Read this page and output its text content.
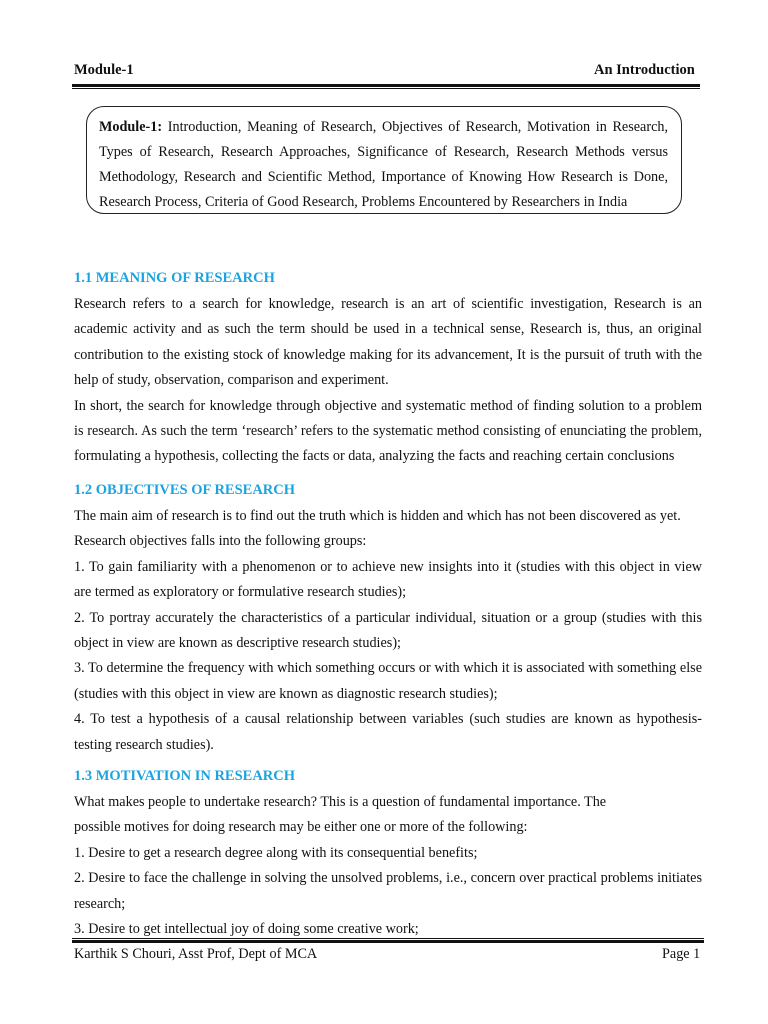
Module-1	An Introduction

Module-1: Introduction, Meaning of Research, Objectives of Research, Motivation in Research, Types of Research, Research Approaches, Significance of Research, Research Methods versus Methodology, Research and Scientific Method, Importance of Knowing How Research is Done, Research Process, Criteria of Good Research, Problems Encountered by Researchers in India

1.1 MEANING OF RESEARCH

Research refers to a search for knowledge, research is an art of scientific investigation, Research is an academic activity and as such the term should be used in a technical sense, Research is, thus, an original contribution to the existing stock of knowledge making for its advancement, It is the pursuit of truth with the help of study, observation, comparison and experiment.

In short, the search for knowledge through objective and systematic method of finding solution to a problem is research. As such the term ‘research’ refers to the systematic method consisting of enunciating the problem, formulating a hypothesis, collecting the facts or data, analyzing the facts and reaching certain conclusions

1.2 OBJECTIVES OF RESEARCH

The main aim of research is to find out the truth which is hidden and which has not been discovered as yet.

Research objectives falls into the following groups:

1. To gain familiarity with a phenomenon or to achieve new insights into it (studies with this object in view are termed as exploratory or formulative research studies);

2. To portray accurately the characteristics of a particular individual, situation or a group (studies with this object in view are known as descriptive research studies);

3. To determine the frequency with which something occurs or with which it is associated with something else (studies with this object in view are known as diagnostic research studies);

4. To test a hypothesis of a causal relationship between variables (such studies are known as hypothesis-testing research studies).

1.3 MOTIVATION IN RESEARCH

What makes people to undertake research? This is a question of fundamental importance. The

possible motives for doing research may be either one or more of the following:

1. Desire to get a research degree along with its consequential benefits;

2. Desire to face the challenge in solving the unsolved problems, i.e., concern over practical problems initiates research;

3. Desire to get intellectual joy of doing some creative work;

Karthik S Chouri, Asst Prof, Dept of MCA	Page 1
